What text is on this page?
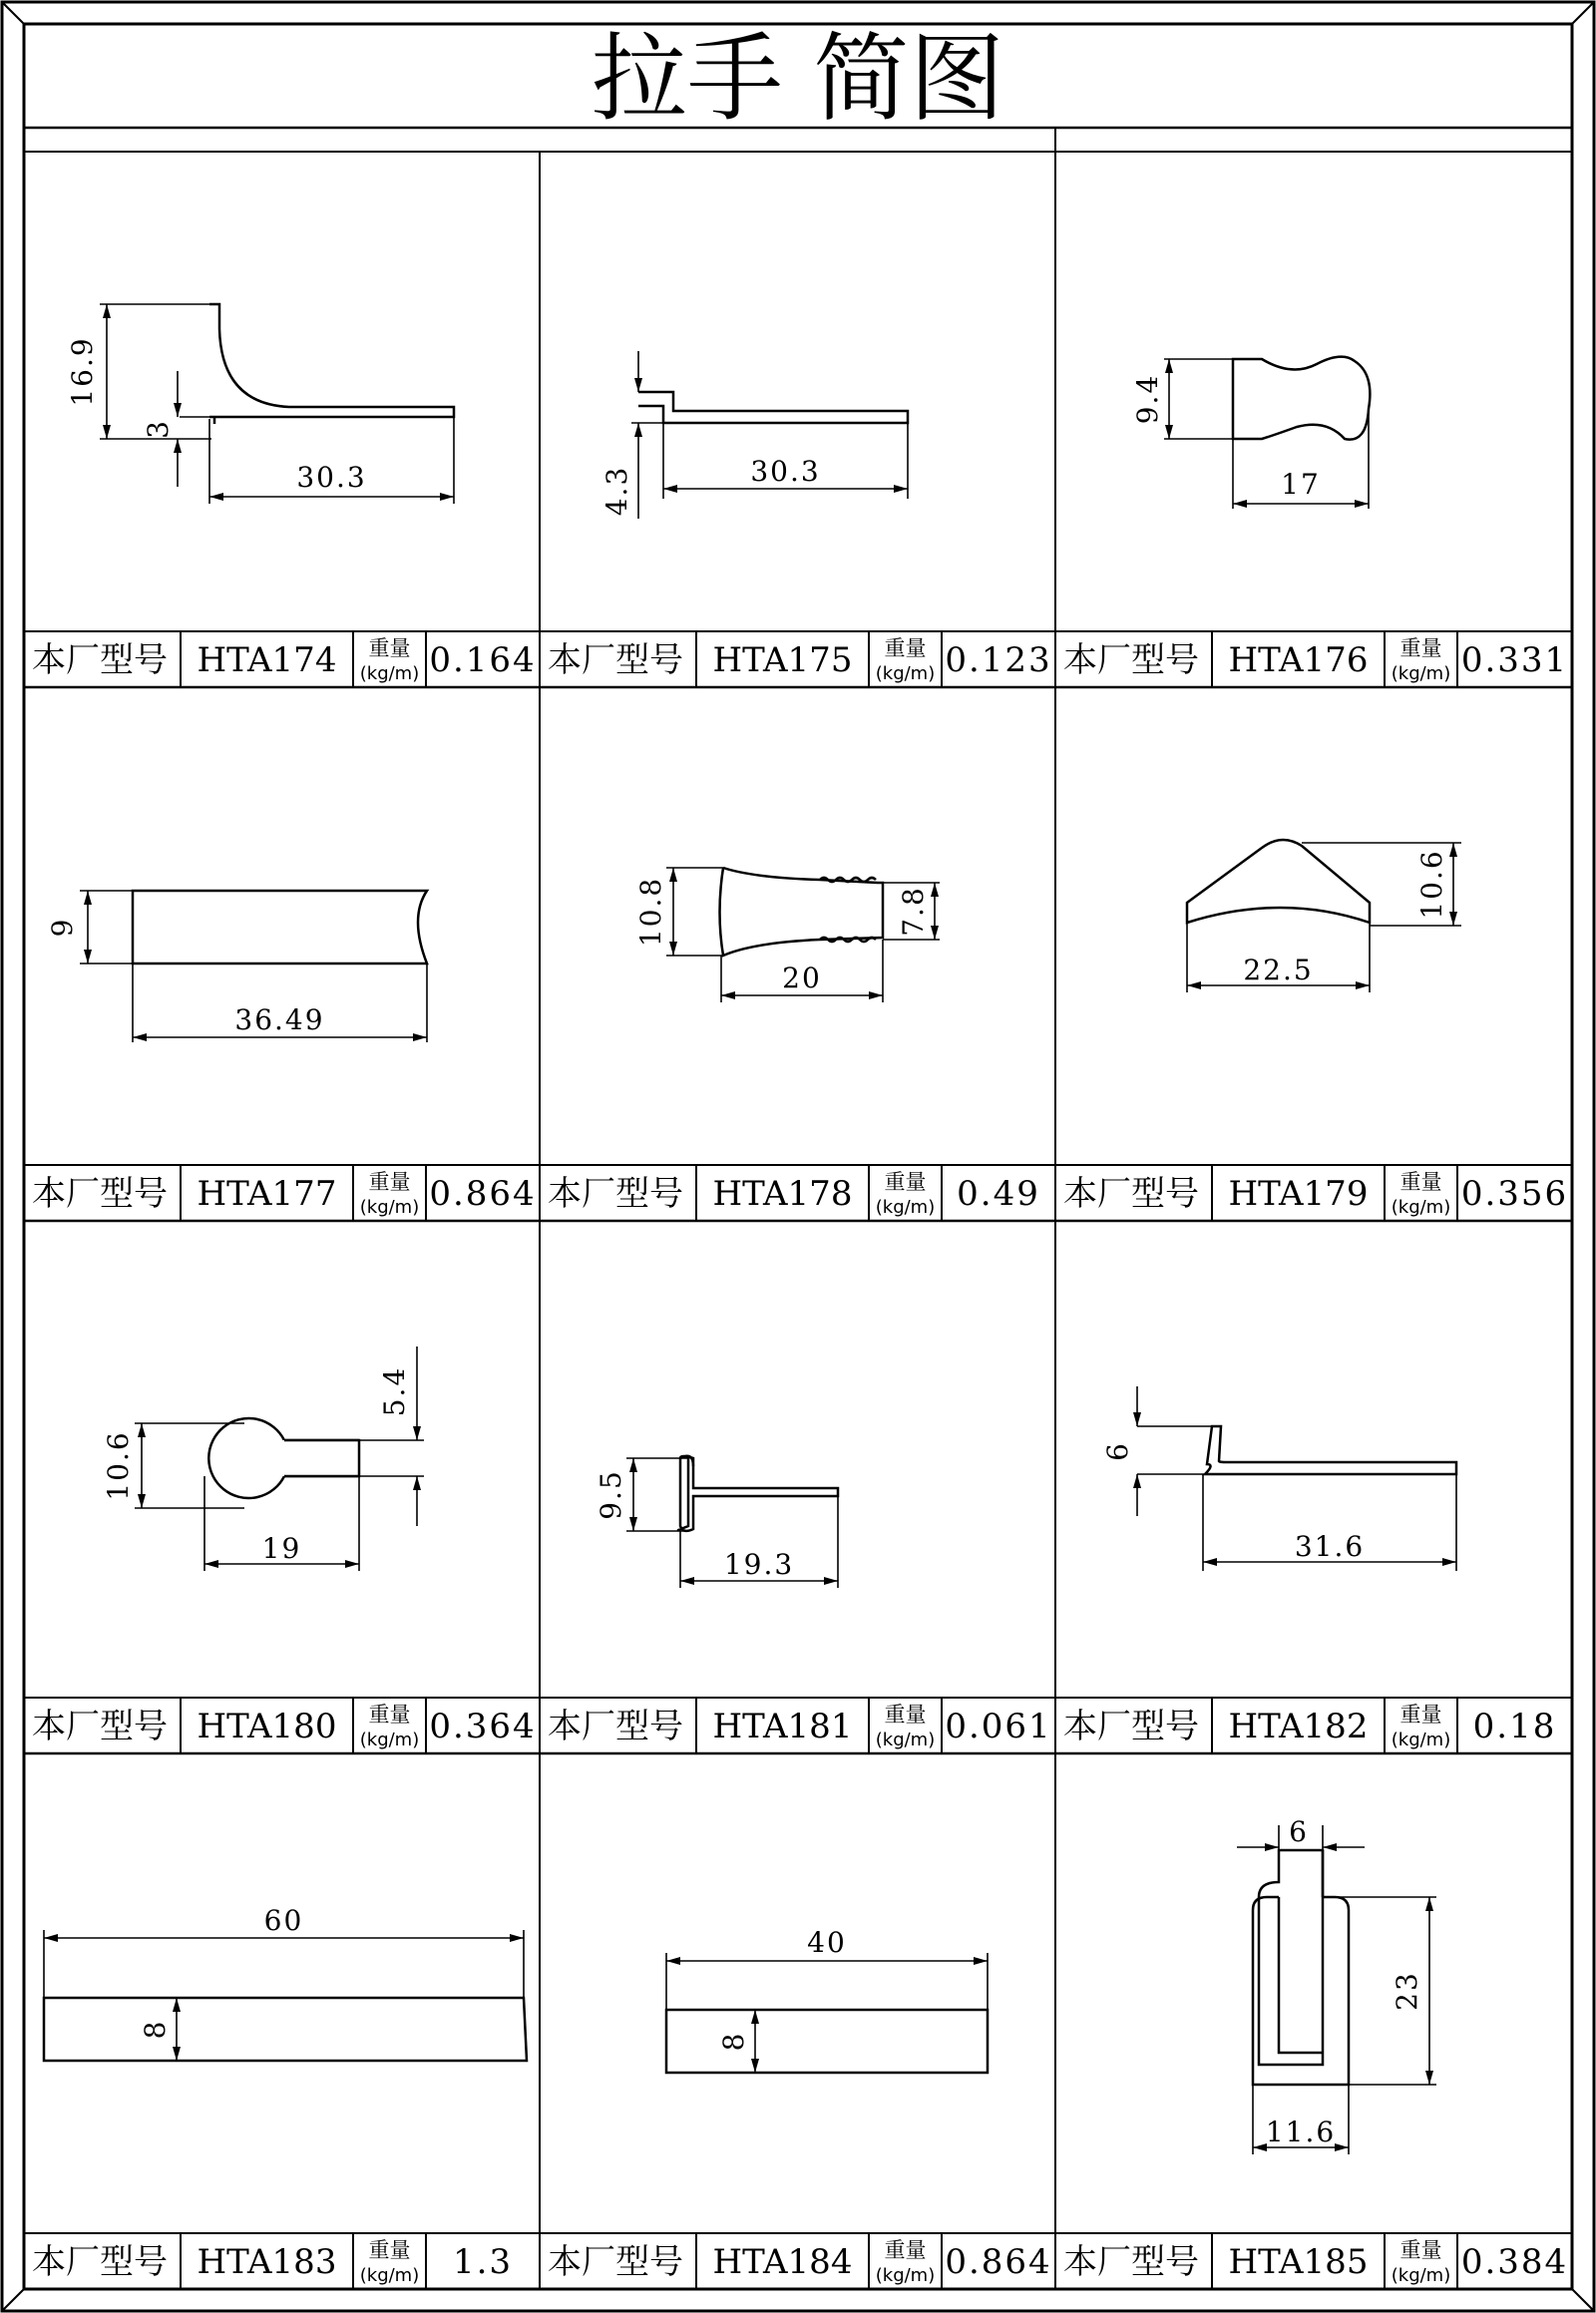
拉手 简图
本厂型号 HTA174 重量
(kg/m) 0.164 本厂型号 HTA175 重量
(kg/m) 0.123 本厂型号 HTA176 重量
(kg/m) 0.331
本厂型号 HTA177 重量
(kg/m) 0.864 本厂型号 HTA178 重量
(kg/m) 0.49 本厂型号 HTA179 重量
(kg/m) 0.356
本厂型号 HTA180 重量
(kg/m) 0.364 本厂型号 HTA181 重量
(kg/m) 0.061 本厂型号 HTA182 重量
(kg/m) 0.18
本厂型号 HTA183 重量
(kg/m) 1.3 本厂型号 HTA184 重量
(kg/m) 0.864 本厂型号 HTA185 重量
(kg/m) 0.384
16.9
3
30.3	4.3	30.3
9.4
17
9
36.49
10.8	7.8
20	22.5
10.6
10.6
5.4
19
9.5
19.3
6
31.6
60
8
40
8
6
23
11.6
